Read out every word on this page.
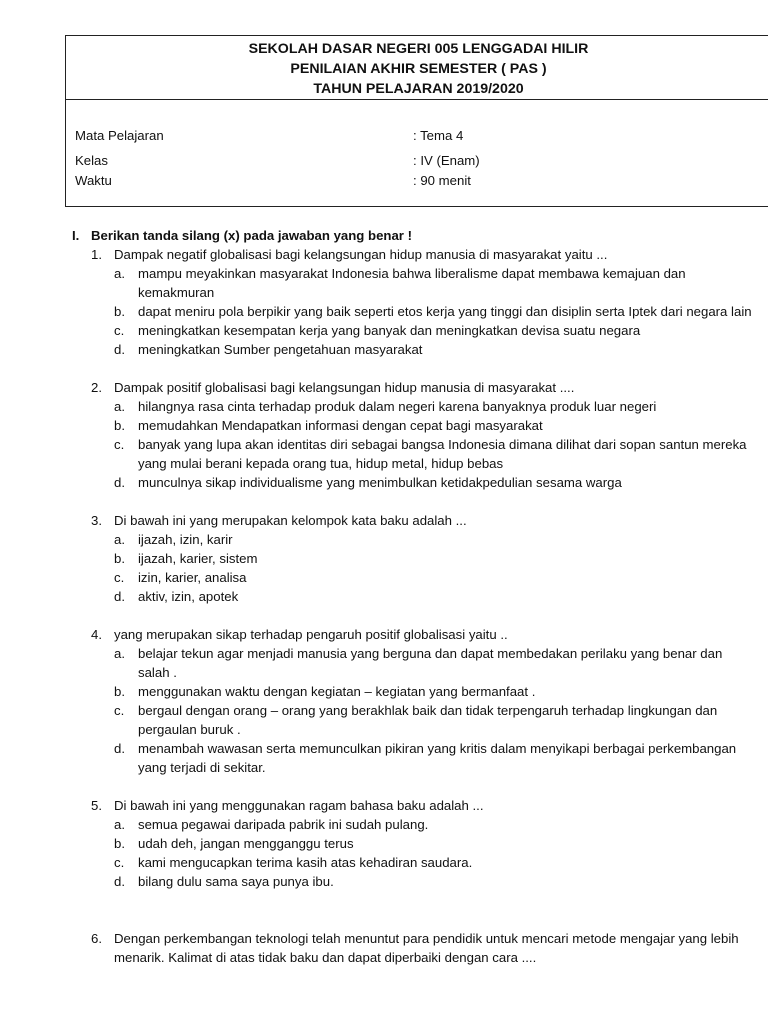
SEKOLAH DASAR NEGERI 005 LENGGADAI HILIR
PENILAIAN AKHIR SEMESTER ( PAS )
TAHUN PELAJARAN 2019/2020
Mata Pelajaran	: Tema 4
Kelas	: IV (Enam)
Waktu	: 90 menit
I. Berikan tanda silang (x) pada jawaban yang benar !
1. Dampak negatif globalisasi bagi kelangsungan hidup manusia di masyarakat yaitu ...
a. mampu meyakinkan masyarakat Indonesia bahwa liberalisme dapat membawa kemajuan dan kemakmuran
b. dapat meniru pola berpikir yang baik seperti etos kerja yang tinggi dan disiplin serta Iptek dari negara lain
c. meningkatkan kesempatan kerja yang banyak dan meningkatkan devisa suatu negara
d. meningkatkan Sumber pengetahuan masyarakat
2. Dampak positif globalisasi bagi kelangsungan hidup manusia di masyarakat ....
a. hilangnya rasa cinta terhadap produk dalam negeri karena banyaknya produk luar negeri
b. memudahkan Mendapatkan informasi dengan cepat bagi masyarakat
c. banyak yang lupa akan identitas diri sebagai bangsa Indonesia dimana dilihat dari sopan santun mereka yang mulai berani kepada orang tua, hidup metal, hidup bebas
d. munculnya sikap individualisme yang menimbulkan ketidakpedulian sesama warga
3. Di bawah ini yang merupakan kelompok kata baku adalah ...
a. ijazah, izin, karir
b. ijazah, karier, sistem
c. izin, karier, analisa
d. aktiv, izin, apotek
4. yang merupakan sikap terhadap pengaruh positif globalisasi yaitu ..
a. belajar tekun agar menjadi manusia yang berguna dan dapat membedakan perilaku yang benar dan salah .
b. menggunakan waktu dengan kegiatan – kegiatan yang bermanfaat .
c. bergaul dengan orang – orang yang berakhlak baik dan tidak terpengaruh terhadap lingkungan dan pergaulan buruk .
d. menambah wawasan serta memunculkan pikiran yang kritis dalam menyikapi berbagai perkembangan yang terjadi di sekitar.
5. Di bawah ini yang menggunakan ragam bahasa baku adalah ...
a. semua pegawai daripada pabrik ini sudah pulang.
b. udah deh, jangan mengganggu terus
c. kami mengucapkan terima kasih atas kehadiran saudara.
d. bilang dulu sama saya punya ibu.
6. Dengan perkembangan teknologi telah menuntut para pendidik untuk mencari metode mengajar yang lebih menarik. Kalimat di atas tidak baku dan dapat diperbaiki dengan cara ....
